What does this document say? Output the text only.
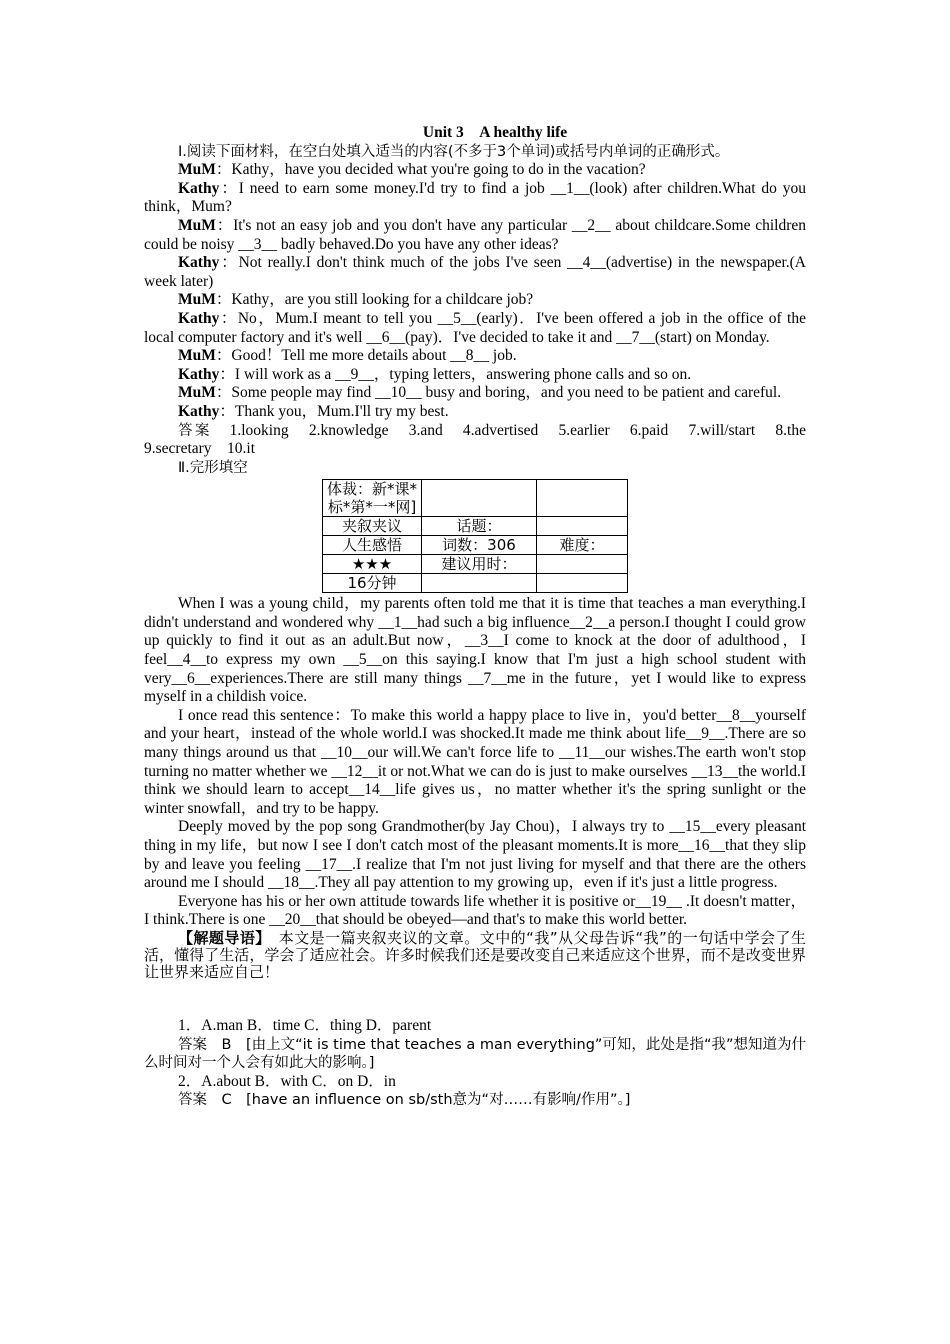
Unit 3　A healthy life

Ⅰ.阅读下面材料，在空白处填入适当的内容(不多于3个单词)或括号内单词的正确形式。

MuM：Kathy，have you decided what you're going to do in the vacation?

Kathy：I need to earn some money.I'd try to find a job __1__(look) after children.What do you think，Mum?

MuM：It's not an easy job and you don't have any particular __2__ about childcare.Some children could be noisy __3__ badly behaved.Do you have any other ideas?

Kathy：Not really.I don't think much of the jobs I've seen __4__(advertise) in the newspaper.(A week later)

MuM：Kathy，are you still looking for a childcare job?

Kathy：No，Mum.I meant to tell you __5__(early)．I've been offered a job in the office of the local computer factory and it's well __6__(pay)．I've decided to take it and __7__(start) on Monday.

MuM：Good！Tell me more details about __8__ job.

Kathy：I will work as a __9__，typing letters，answering phone calls and so on.

MuM：Some people may find __10__ busy and boring，and you need to be patient and careful.

Kathy：Thank you，Mum.I'll try my best.

答案　 1.looking　2.knowledge　3.and　4.advertised　5.earlier　6.paid　7.will/start　8.the　9.secretary　10.it

Ⅱ.完形填空

体裁：新*课*标*第*一*网]		
夹叙夹议	话题：	
人生感悟	词数：306	难度：
★★★	建议用时：	
16分钟		

When I was a young child，my parents often told me that it is time that teaches a man everything.I didn't understand and wondered why __1__had such a big influence__2__a person.I thought I could grow up quickly to find it out as an adult.But now，__3__I come to knock at the door of adulthood，I feel__4__to express my own __5__on this saying.I know that I'm just a high school student with very__6__experiences.There are still many things __7__me in the future，yet I would like to express myself in a childish voice.

I once read this sentence：To make this world a happy place to live in，you'd better__8__yourself and your heart，instead of the whole world.I was shocked.It made me think about life__9__.There are so many things around us that __10__our will.We can't force life to __11__our wishes.The earth won't stop turning no matter whether we __12__it or not.What we can do is just to make ourselves __13__the world.I think we should learn to accept__14__life gives us，no matter whether it's the spring sunlight or the winter snowfall，and try to be happy.

Deeply moved by the pop song Grandmother(by Jay Chou)，I always try to __15__every pleasant thing in my life，but now I see I don't catch most of the pleasant moments.It is more__16__that they slip by and leave you feeling __17__.I realize that I'm not just living for myself and that there are the others around me I should __18__.They all pay attention to my growing up，even if it's just a little progress.

Everyone has his or her own attitude towards life whether it is positive or__19__ .It doesn't matter，I think.There is one __20__that should be obeyed—and that's to make this world better.

【解题导语】　 本文是一篇夹叙夹议的文章。文中的“我”从父母告诉“我”的一句话中学会了生活，懂得了生活，学会了适应社会。许多时候我们还是要改变自己来适应这个世界，而不是改变世界让世界来适应自己！

1．A.man B．time C．thing D．parent

答案　B　[由上文“it is time that teaches a man everything”可知，此处是指“我”想知道为什么时间对一个人会有如此大的影响。]

2．A.about B．with C．on D．in

答案　C　[have an influence on sb/sth意为“对……有影响/作用”。]
